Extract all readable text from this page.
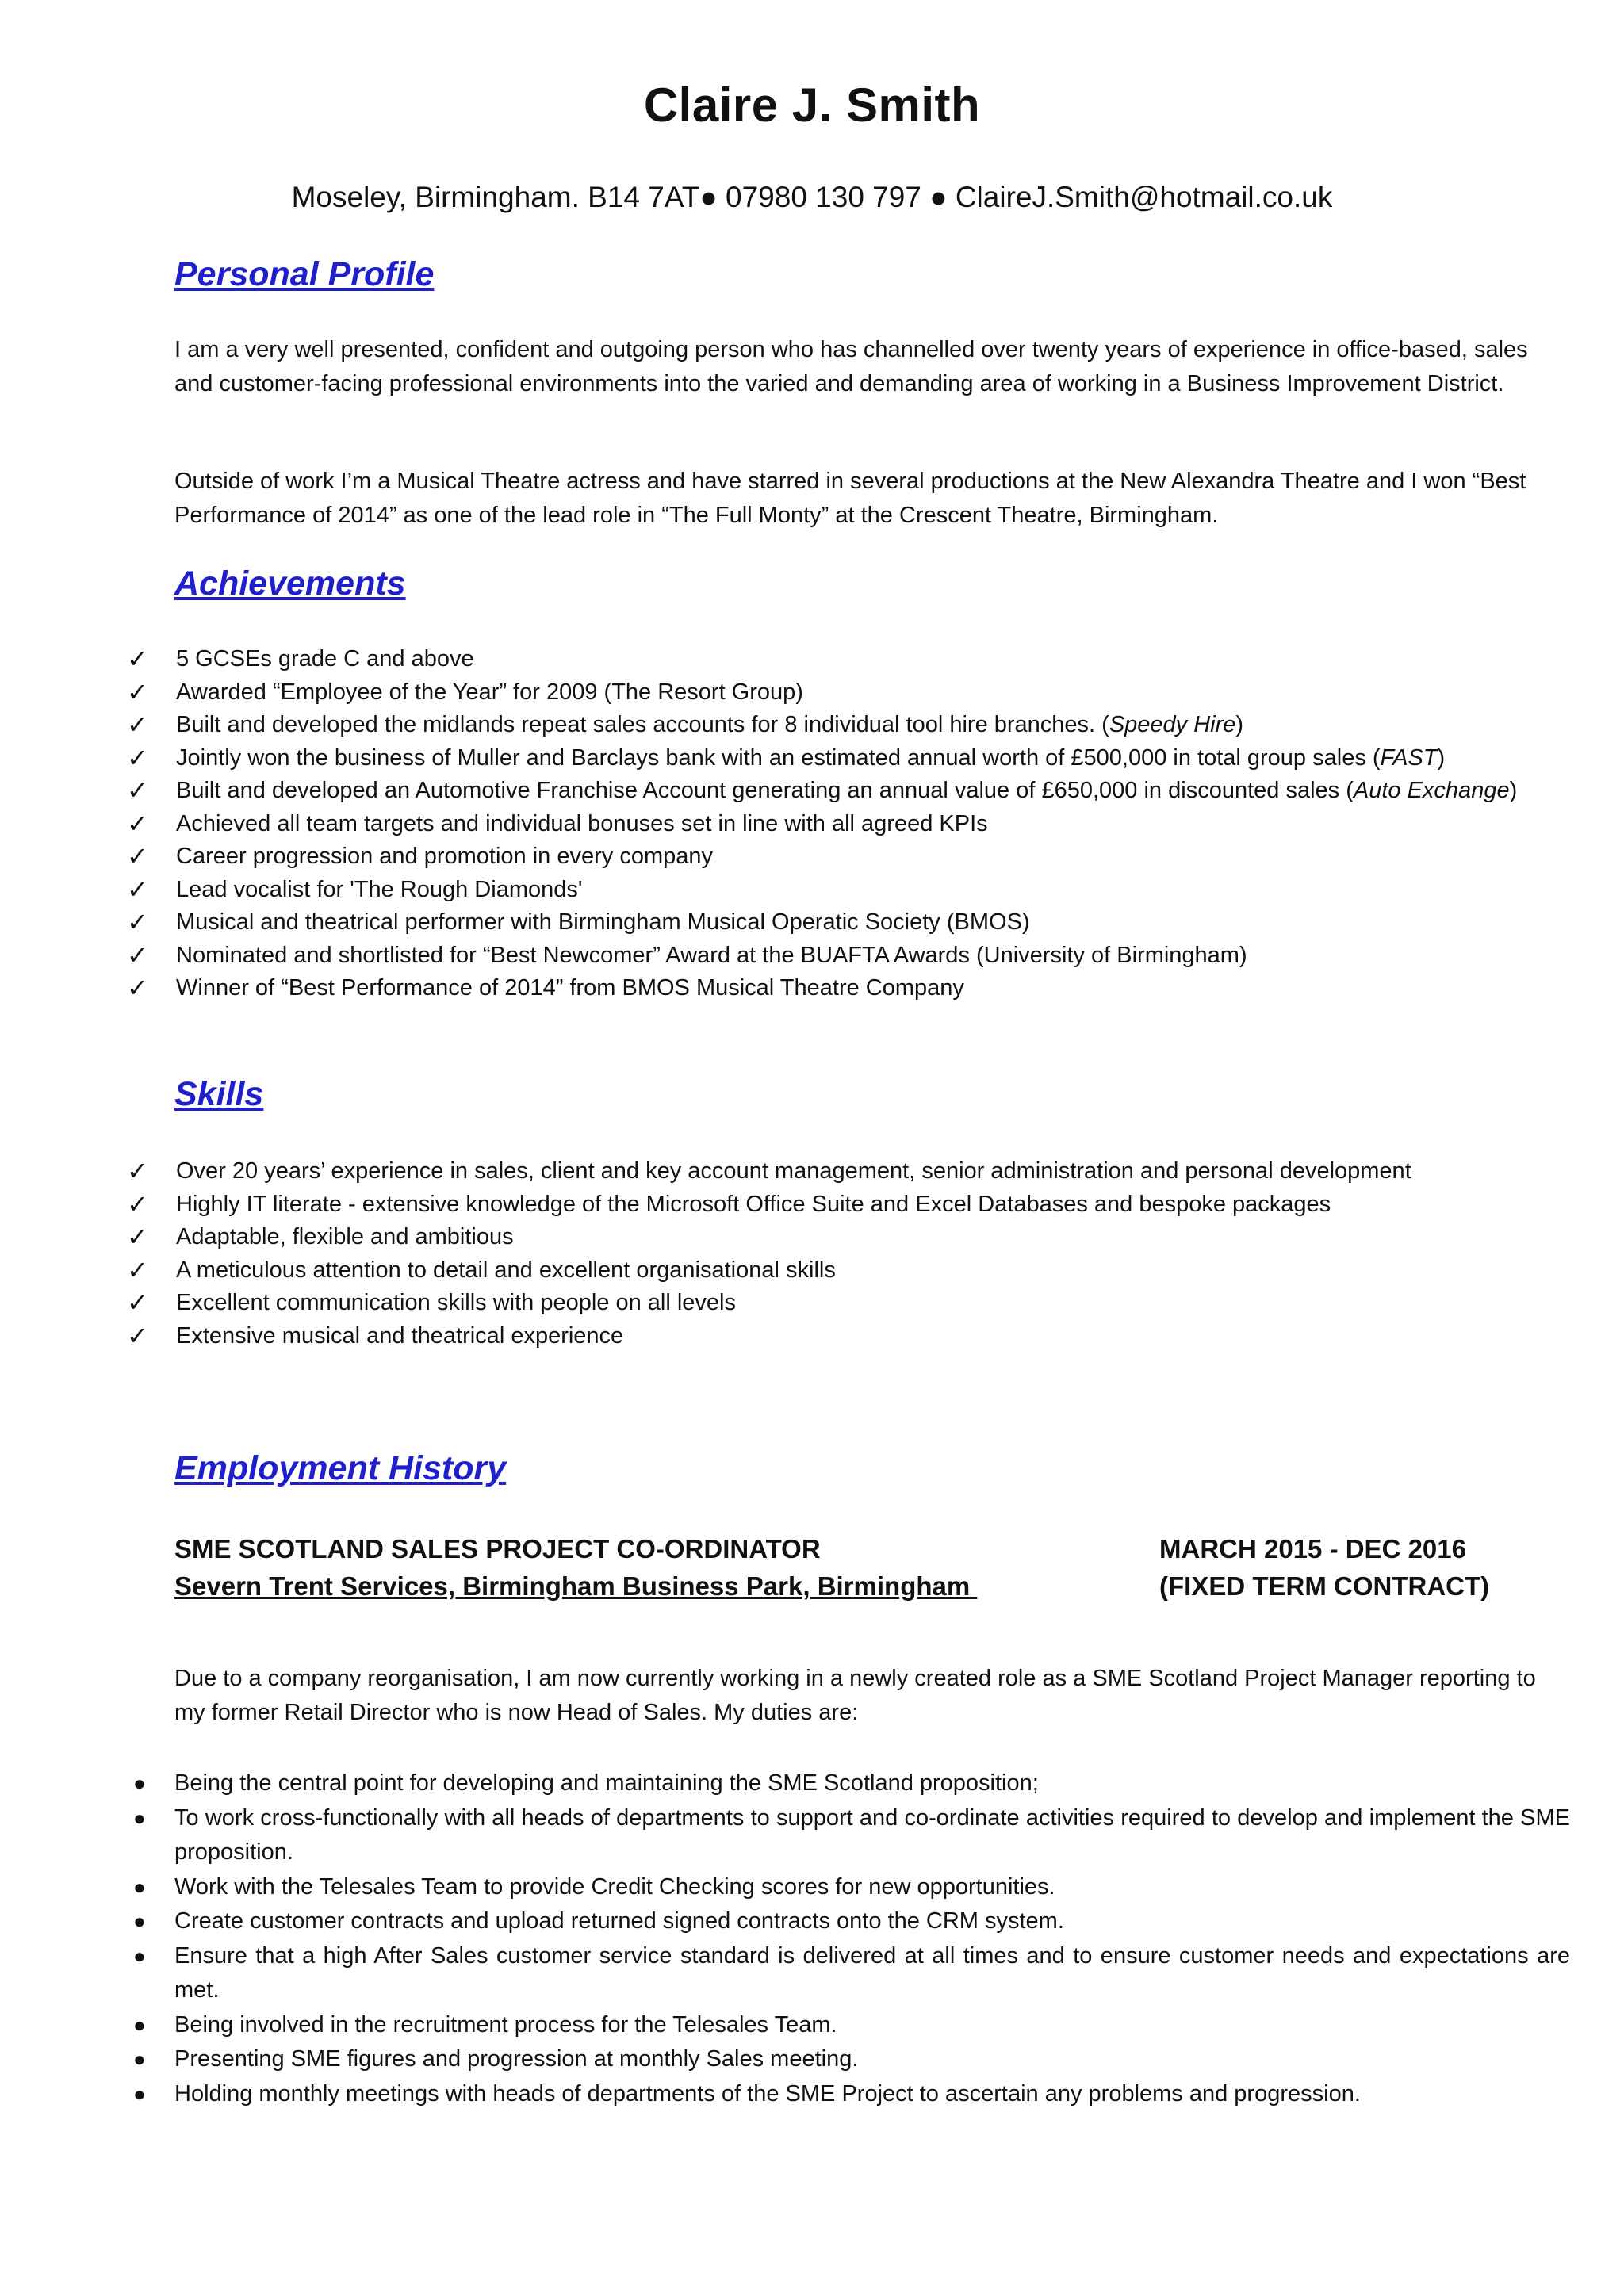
Claire J. Smith
Moseley, Birmingham. B14 7AT● 07980 130 797 ● ClaireJ.Smith@hotmail.co.uk
Personal Profile
I am a very well presented, confident and outgoing person who has channelled over twenty years of experience in office-based, sales and customer-facing professional environments into the varied and demanding area of working in a Business Improvement District.
Outside of work I’m a Musical Theatre actress and have starred in several productions at the New Alexandra Theatre and I won “Best Performance of 2014” as one of the lead role in “The Full Monty” at the Crescent Theatre, Birmingham.
Achievements
✓ 5 GCSEs grade C and above
✓ Awarded “Employee of the Year” for 2009 (The Resort Group)
✓ Built and developed the midlands repeat sales accounts for 8 individual tool hire branches. (Speedy Hire)
✓ Jointly won the business of Muller and Barclays bank with an estimated annual worth of £500,000 in total group sales (FAST)
✓ Built and developed an Automotive Franchise Account generating an annual value of £650,000 in discounted sales (Auto Exchange)
✓ Achieved all team targets and individual bonuses set in line with all agreed KPIs
✓ Career progression and promotion in every company
✓ Lead vocalist for 'The Rough Diamonds'
✓ Musical and theatrical performer with Birmingham Musical Operatic Society (BMOS)
✓ Nominated and shortlisted for “Best Newcomer” Award at the BUAFTA Awards (University of Birmingham)
✓ Winner of “Best Performance of 2014” from BMOS Musical Theatre Company
Skills
✓ Over 20 years’ experience in sales, client and key account management, senior administration and personal development
✓ Highly IT literate - extensive knowledge of the Microsoft Office Suite and Excel Databases and bespoke packages
✓ Adaptable, flexible and ambitious
✓ A meticulous attention to detail and excellent organisational skills
✓ Excellent communication skills with people on all levels
✓ Extensive musical and theatrical experience
Employment History
SME SCOTLAND SALES PROJECT CO-ORDINATOR
Severn Trent Services, Birmingham Business Park, Birmingham
MARCH 2015 - DEC 2016
(FIXED TERM CONTRACT)
Due to a company reorganisation, I am now currently working in a newly created role as a SME Scotland Project Manager reporting to my former Retail Director who is now Head of Sales. My duties are:
● Being the central point for developing and maintaining the SME Scotland proposition;
● To work cross-functionally with all heads of departments to support and co-ordinate activities required to develop and implement the SME proposition.
● Work with the Telesales Team to provide Credit Checking scores for new opportunities.
● Create customer contracts and upload returned signed contracts onto the CRM system.
● Ensure that a high After Sales customer service standard is delivered at all times and to ensure customer needs and expectations are met.
● Being involved in the recruitment process for the Telesales Team.
● Presenting SME figures and progression at monthly Sales meeting.
● Holding monthly meetings with heads of departments of the SME Project to ascertain any problems and progression.
